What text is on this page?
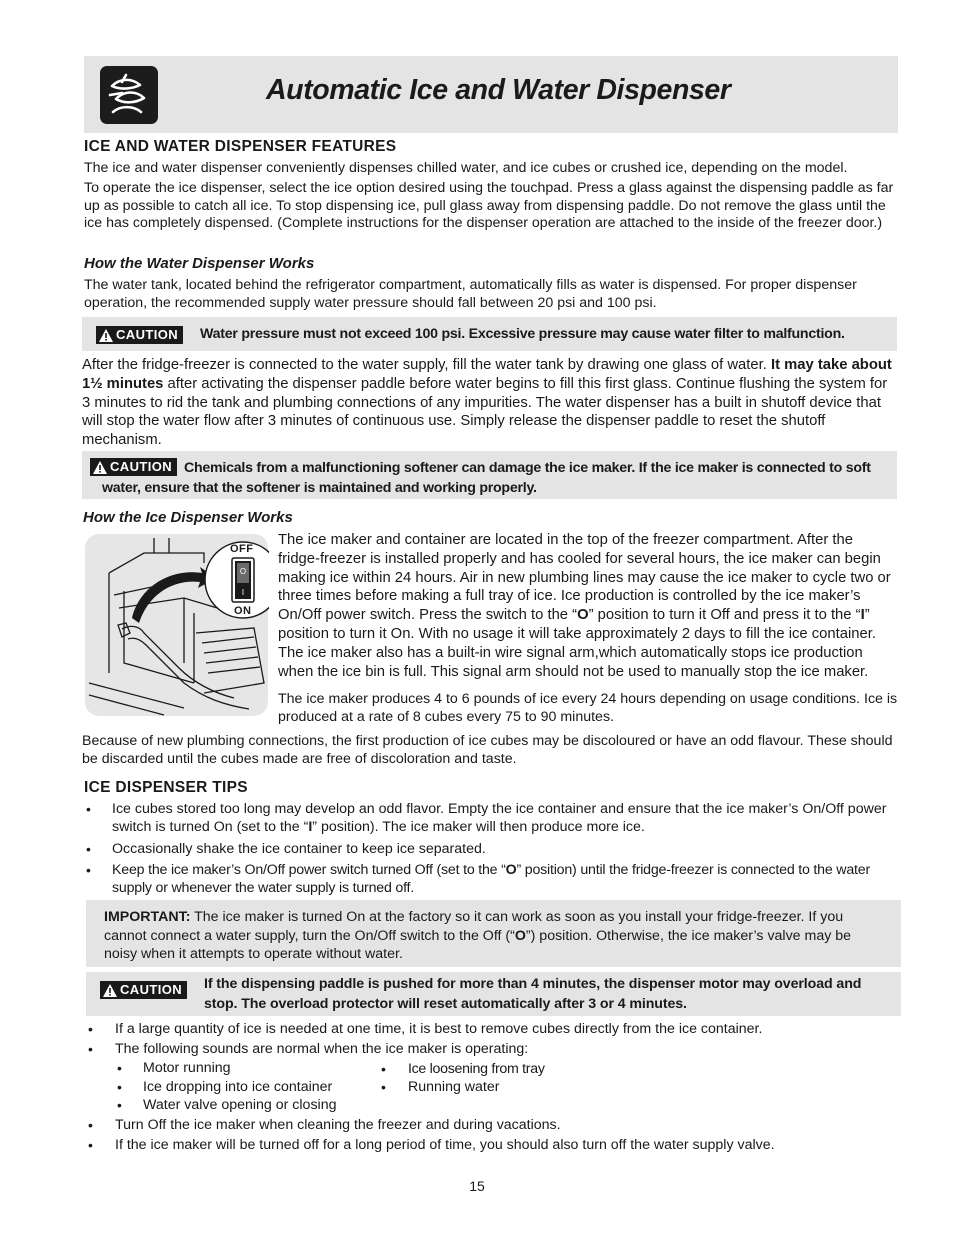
Automatic Ice and Water Dispenser
ICE AND WATER DISPENSER FEATURES
The ice and water dispenser conveniently dispenses chilled water, and ice cubes or crushed ice, depending on the model.
To operate the ice dispenser, select the ice option desired using the touchpad. Press a glass against the dispensing paddle as far up as possible to catch all ice. To stop dispensing ice, pull glass away from dispensing paddle. Do not remove the glass until the ice has completely dispensed. (Complete instructions for the dispenser operation are attached to the inside of the freezer door.)
How the Water Dispenser Works
The water tank, located behind the refrigerator compartment, automatically fills as water is dispensed. For proper dispenser operation, the recommended supply water pressure should fall between 20 psi and 100 psi.
CAUTION Water pressure must not exceed 100 psi. Excessive pressure may cause water filter to malfunction.
After the fridge-freezer is connected to the water supply, fill the water tank by drawing one glass of water. It may take about 1½ minutes after activating the dispenser paddle before water begins to fill this first glass. Continue flushing the system for 3 minutes to rid the tank and plumbing connections of any impurities. The water dispenser has a built in shutoff device that will stop the water flow after 3 minutes of continuous use. Simply release the dispenser paddle to reset the shutoff mechanism.
CAUTION Chemicals from a malfunctioning softener can damage the ice maker. If the ice maker is connected to soft water, ensure that the softener is maintained and working properly.
How the Ice Dispenser Works
O
I
OFF
ON
The ice maker and container are located in the top of the freezer compartment. After the fridge-freezer is installed properly and has cooled for several hours, the ice maker can begin making ice within 24 hours. Air in new plumbing lines may cause the ice maker to cycle two or three times before making a full tray of ice. Ice production is controlled by the ice maker’s On/Off power switch. Press the switch to the “O” position to turn it Off and press it to the “I” position to turn it On. With no usage it will take approximately 2 days to fill the ice container. The ice maker also has a built-in wire signal arm,which automatically stops ice production when the ice bin is full. This signal arm should not be used to manually stop the ice maker.
The ice maker produces 4 to 6 pounds of ice every 24 hours depending on usage conditions. Ice is produced at a rate of 8 cubes every 75 to 90 minutes.
Because of new plumbing connections, the first production of ice cubes may be discoloured or have an odd flavour. These should be discarded until the cubes made are free of discoloration and taste.
ICE DISPENSER TIPS
• Ice cubes stored too long may develop an odd flavor. Empty the ice container and ensure that the ice maker’s On/Off power switch is turned On (set to the “I” position). The ice maker will then produce more ice.
• Occasionally shake the ice container to keep ice separated.
• Keep the ice maker’s On/Off power switch turned Off (set to the “O” position) until the fridge-freezer is connected to the water supply or whenever the water supply is turned off.
IMPORTANT: The ice maker is turned On at the factory so it can work as soon as you install your fridge-freezer. If you cannot connect a water supply, turn the On/Off switch to the Off (“O”) position. Otherwise, the ice maker’s valve may be noisy when it attempts to operate without water.
CAUTION If the dispensing paddle is pushed for more than 4 minutes, the dispenser motor may overload and stop. The overload protector will reset automatically after 3 or 4 minutes.
• If a large quantity of ice is needed at one time, it is best to remove cubes directly from the ice container.
• The following sounds are normal when the ice maker is operating:
• Motor running
• Ice dropping into ice container
• Water valve opening or closing
• Ice loosening from tray
• Running water
• Turn Off the ice maker when cleaning the freezer and during vacations.
• If the ice maker will be turned off for a long period of time, you should also turn off the water supply valve.
15
